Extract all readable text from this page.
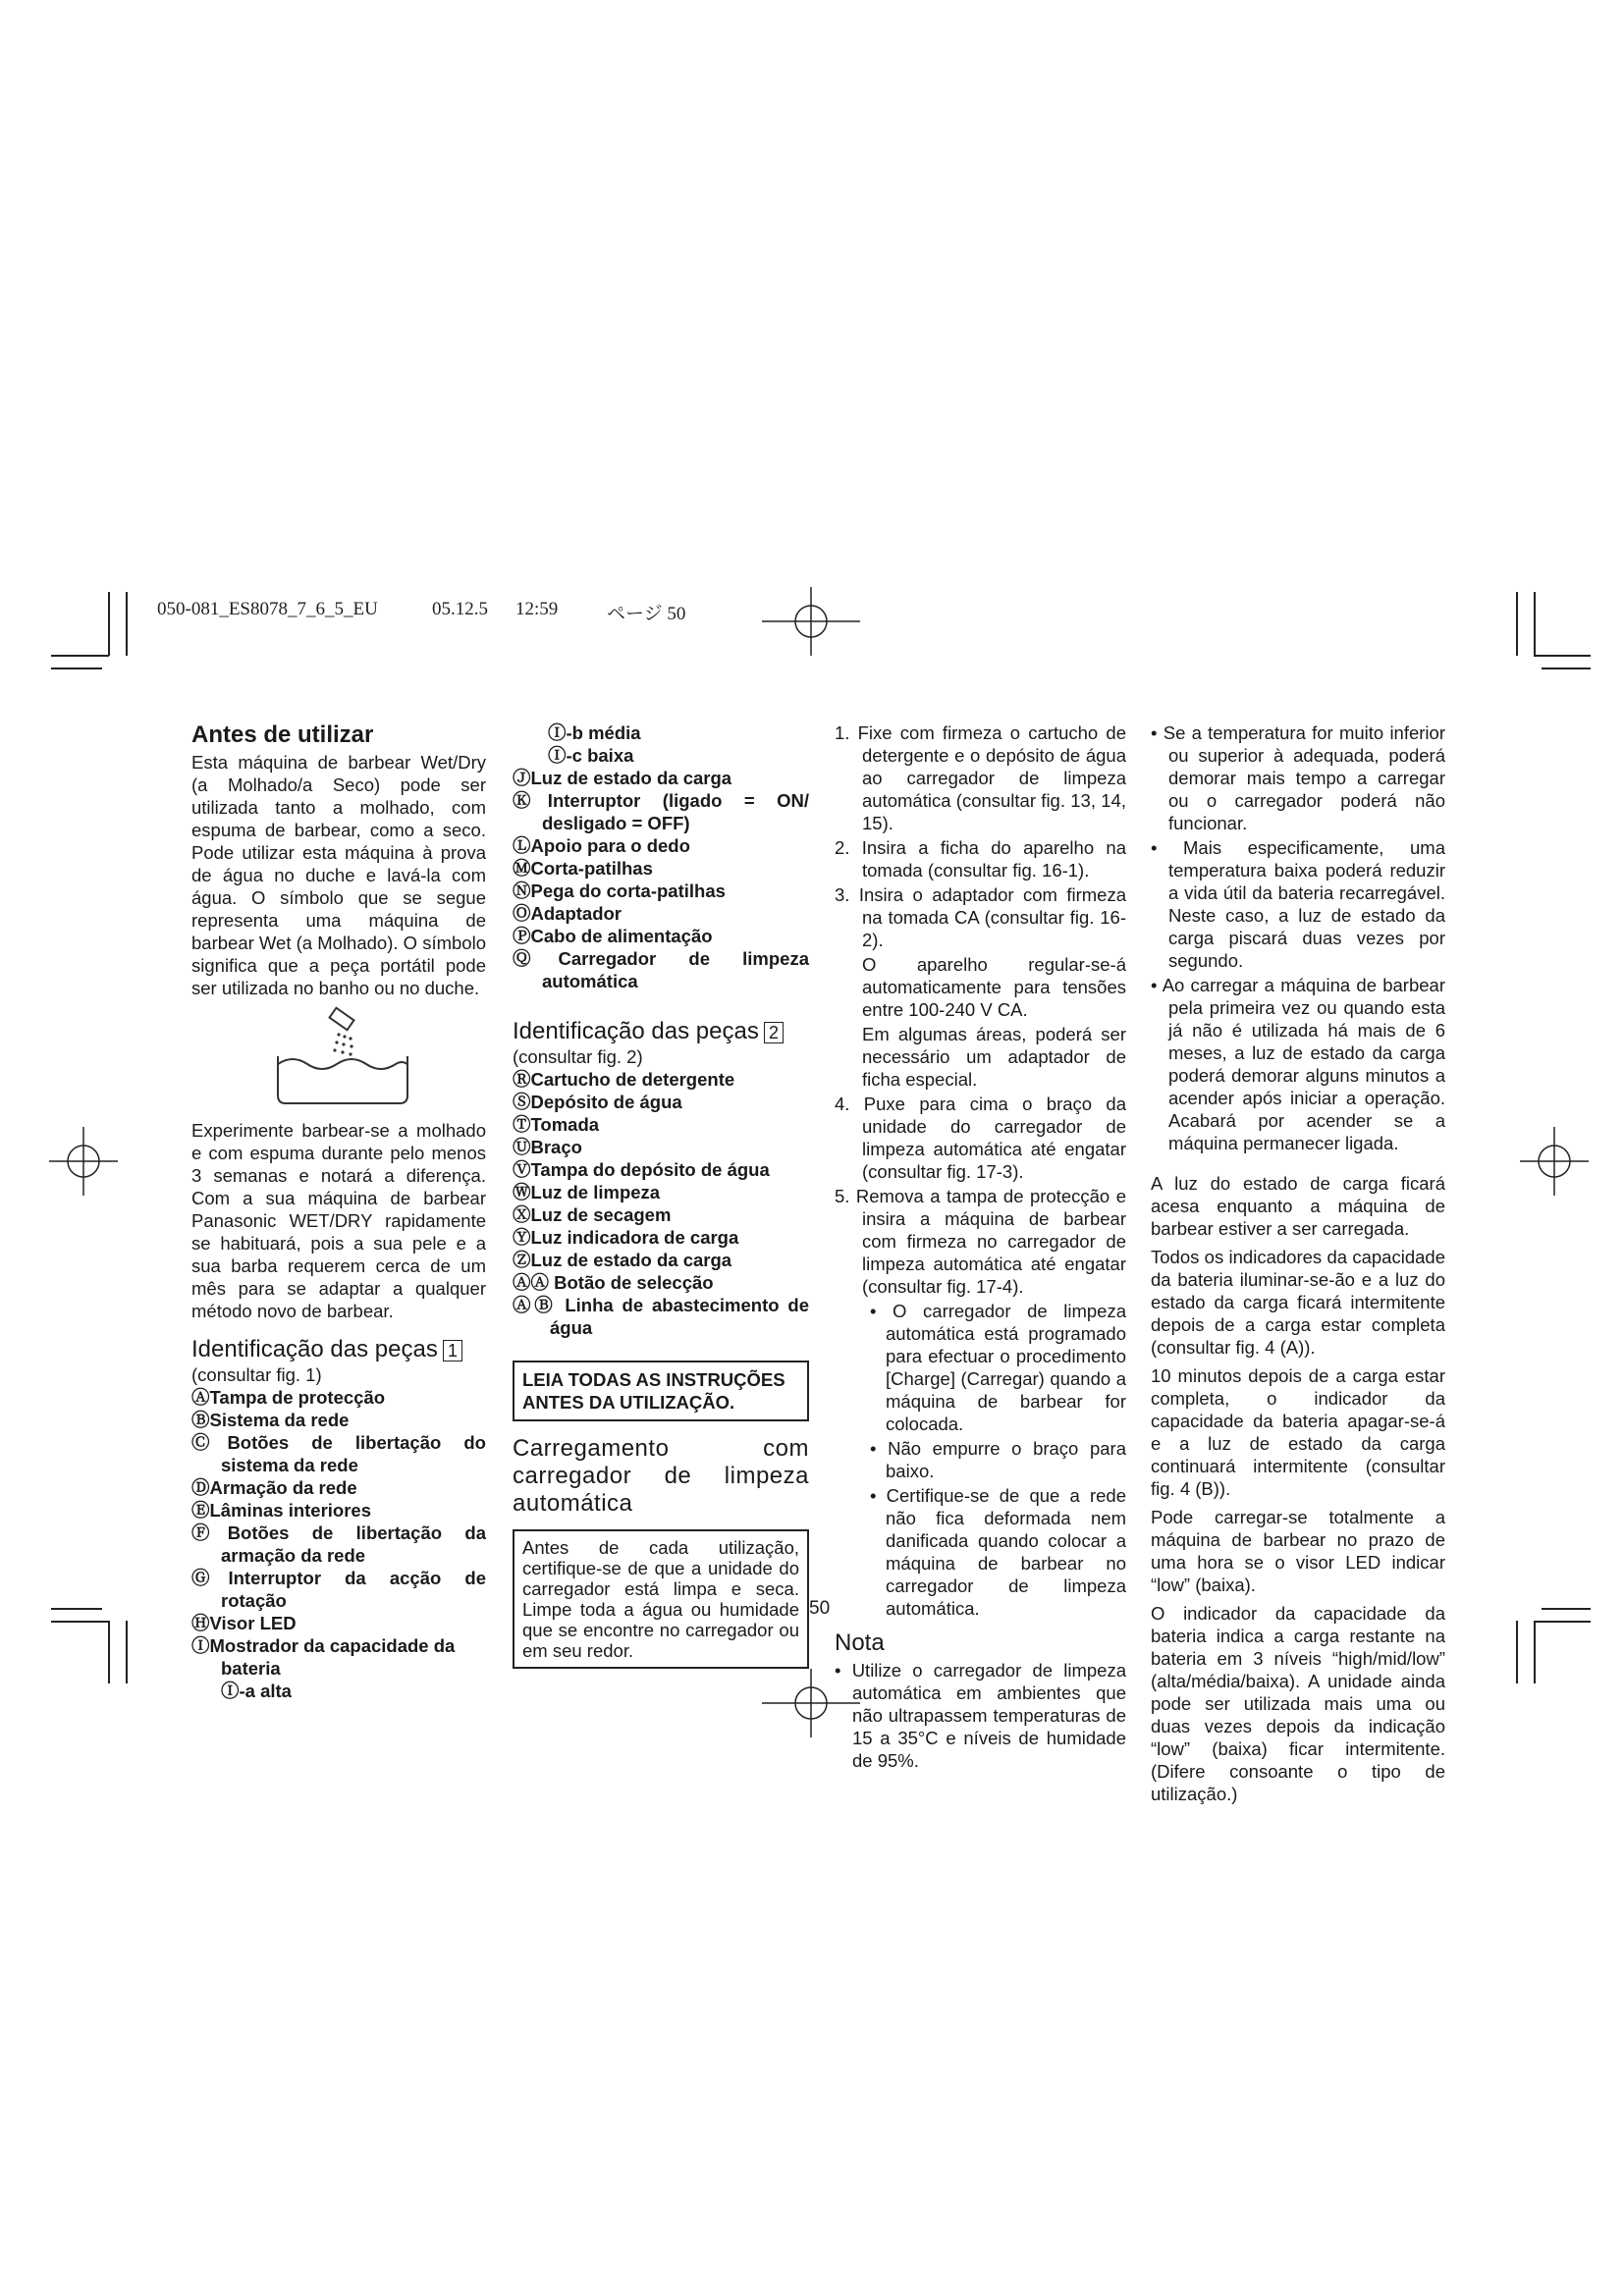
050-081_ES8078_7_6_5_EU	05.12.5 12:59	ページ 50
Antes de utilizar
Esta máquina de barbear Wet/Dry (a Molhado/a Seco) pode ser utilizada tanto a molhado, com espuma de barbear, como a seco. Pode utilizar esta máquina à prova de água no duche e lavá-la com água. O símbolo que se segue representa uma máquina de barbear Wet (a Molhado). O símbolo significa que a peça portátil pode ser utilizada no banho ou no duche.
Experimente barbear-se a molhado e com espuma durante pelo menos 3 semanas e notará a diferença. Com a sua máquina de barbear Panasonic WET/DRY rapidamente se habituará, pois a sua pele e a sua barba requerem cerca de um mês para se adaptar a qualquer método novo de barbear.
Identificação das peças 1
(consultar fig. 1)
ⒶTampa de protecção
ⒷSistema da rede
ⒸBotões de libertação do
sistema da rede
ⒹArmação da rede
ⒺLâminas interiores
ⒻBotões de libertação da
armação da rede
ⒼInterruptor da acção de
rotação
ⒽVisor LED
ⒾMostrador da capacidade da
bateria
Ⓘ-a alta
Ⓘ-b média
Ⓘ-c baixa
ⒿLuz de estado da carga
ⓀInterruptor (ligado = ON/
desligado = OFF)
ⓁApoio para o dedo
ⓂCorta-patilhas
ⓃPega do corta-patilhas
ⓄAdaptador
ⓅCabo de alimentação
ⓆCarregador de limpeza
automática
Identificação das peças 2
(consultar fig. 2)
ⓇCartucho de detergente
ⓈDepósito de água
ⓉTomada
ⓊBraço
ⓋTampa do depósito de água
ⓌLuz de limpeza
ⓍLuz de secagem
ⓎLuz indicadora de carga
ⓏLuz de estado da carga
ⒶⒶ Botão de selecção
ⒶⒷ Linha de abastecimento de
água
LEIA TODAS AS INSTRUÇÕES ANTES DA UTILIZAÇÃO.
Carregamento com carregador de limpeza automática
Antes de cada utilização, certifique-se de que a unidade do carregador está limpa e seca. Limpe toda a água ou humidade que se encontre no carregador ou em seu redor.
1. Fixe com firmeza o cartucho de detergente e o depósito de água ao carregador de limpeza automática (consultar fig. 13, 14, 15).
2. Insira a ficha do aparelho na tomada (consultar fig. 16-1).
3. Insira o adaptador com firmeza na tomada CA (consultar fig. 16-2).
O aparelho regular-se-á automaticamente para tensões entre 100-240 V CA.
Em algumas áreas, poderá ser necessário um adaptador de ficha especial.
4. Puxe para cima o braço da unidade do carregador de limpeza automática até engatar (consultar fig. 17-3).
5. Remova a tampa de protecção e insira a máquina de barbear com firmeza no carregador de limpeza automática até engatar (consultar fig. 17-4).
• O carregador de limpeza automática está programado para efectuar o procedimento [Charge] (Carregar) quando a máquina de barbear for colocada.
• Não empurre o braço para baixo.
• Certifique-se de que a rede não fica deformada nem danificada quando colocar a máquina de barbear no carregador de limpeza automática.
Nota
• Utilize o carregador de limpeza automática em ambientes que não ultrapassem temperaturas de 15 a 35°C e níveis de humidade de 95%.
• Se a temperatura for muito inferior ou superior à adequada, poderá demorar mais tempo a carregar ou o carregador poderá não funcionar.
• Mais especificamente, uma temperatura baixa poderá reduzir a vida útil da bateria recarregável. Neste caso, a luz de estado da carga piscará duas vezes por segundo.
• Ao carregar a máquina de barbear pela primeira vez ou quando esta já não é utilizada há mais de 6 meses, a luz de estado da carga poderá demorar alguns minutos a acender após iniciar a operação. Acabará por acender se a máquina permanecer ligada.
A luz do estado de carga ficará acesa enquanto a máquina de barbear estiver a ser carregada.
Todos os indicadores da capacidade da bateria iluminar-se-ão e a luz do estado da carga ficará intermitente depois de a carga estar completa (consultar fig. 4 (A)).
10 minutos depois de a carga estar completa, o indicador da capacidade da bateria apagar-se-á e a luz de estado da carga continuará intermitente (consultar fig. 4 (B)).
Pode carregar-se totalmente a máquina de barbear no prazo de uma hora se o visor LED indicar “low” (baixa).
O indicador da capacidade da bateria indica a carga restante na bateria em 3 níveis “high/mid/low” (alta/média/baixa). A unidade ainda pode ser utilizada mais uma ou duas vezes depois da indicação “low” (baixa) ficar intermitente. (Difere consoante o tipo de utilização.)
50
